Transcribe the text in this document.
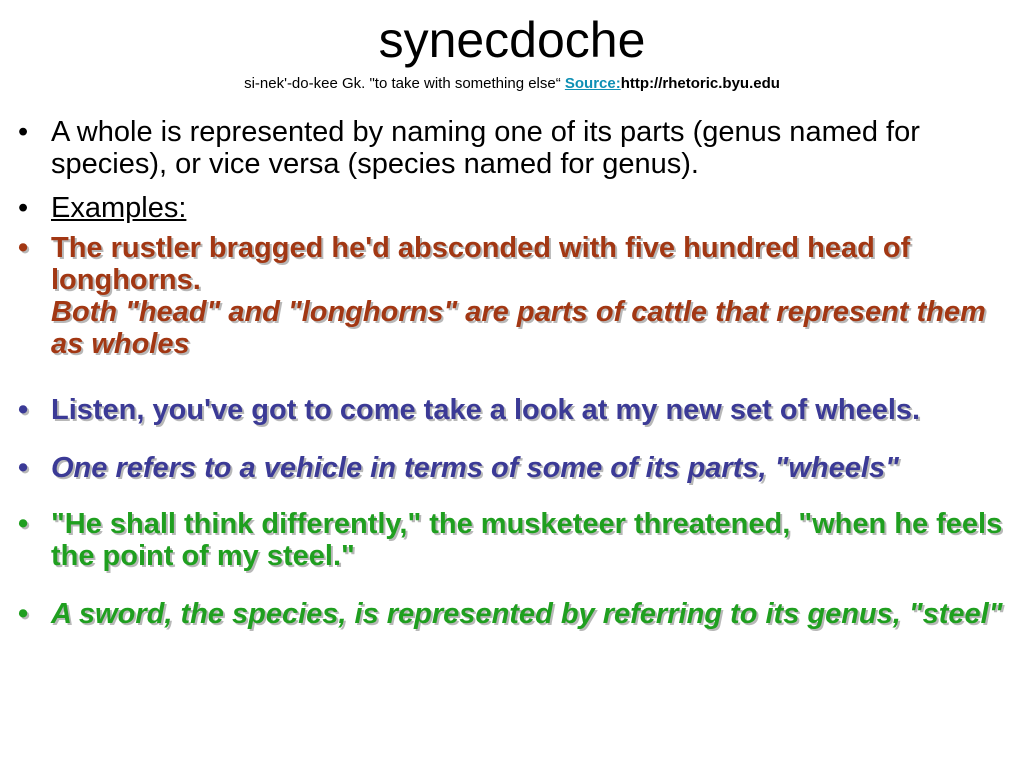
synecdoche
si-nek'-do-kee Gk. "to take with something else“ Source:http://rhetoric.byu.edu
• A whole is represented by naming one of its parts (genus named for species), or vice versa (species named for genus).
• Examples:
• The rustler bragged he'd absconded with five hundred head of longhorns.
Both "head" and "longhorns" are parts of cattle that represent them as wholes
• Listen, you've got to come take a look at my new set of wheels.
• One refers to a vehicle in terms of some of its parts, "wheels"
• "He shall think differently," the musketeer threatened, "when he feels the point of my steel."
• A sword, the species, is represented by referring to its genus, "steel"
